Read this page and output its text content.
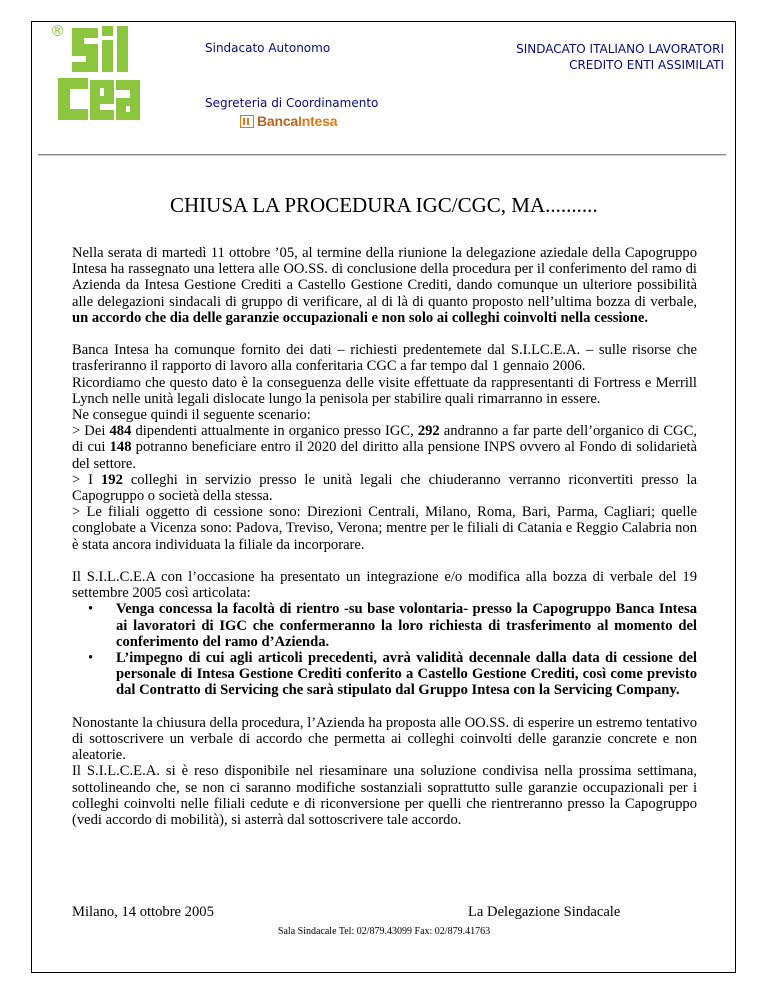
®
Sindacato Autonomo	SINDACATO ITALIANO LAVORATORI
CREDITO ENTI ASSIMILATI
Segreteria di Coordinamento
BancaIntesa
CHIUSA LA PROCEDURA IGC/CGC, MA..........

Nella serata di martedì 11 ottobre ’05, al termine della riunione la delegazione aziedale della Capogruppo Intesa ha rassegnato una lettera alle OO.SS. di conclusione della procedura per il conferimento del ramo di Azienda da Intesa Gestione Crediti a Castello Gestione Crediti, dando comunque un ulteriore possibilità alle delegazioni sindacali di gruppo di verificare, al di là di quanto proposto nell’ultima bozza di verbale, un accordo che dia delle garanzie occupazionali e non solo ai colleghi coinvolti nella cessione.

Banca Intesa ha comunque fornito dei dati – richiesti predentemete dal S.I.LC.E.A. – sulle risorse che trasferiranno il rapporto di lavoro alla conferitaria CGC a far tempo dal 1 gennaio 2006.

Ricordiamo che questo dato è la conseguenza delle visite effettuate da rappresentanti di Fortress e Merrill Lynch nelle unità legali dislocate lungo la penisola per stabilire quali rimarranno in essere.

Ne consegue quindi il seguente scenario:

> Dei 484 dipendenti attualmente in organico presso IGC, 292 andranno a far parte dell’organico di CGC, di cui 148 potranno beneficiare entro il 2020 del diritto alla pensione INPS ovvero al Fondo di solidarietà del settore.

> I 192 colleghi in servizio presso le unità legali che chiuderanno verranno riconvertiti presso la Capogruppo o società della stessa.

> Le filiali oggetto di cessione sono: Direzioni Centrali, Milano, Roma, Bari, Parma, Cagliari; quelle conglobate a Vicenza sono: Padova, Treviso, Verona; mentre per le filiali di Catania e Reggio Calabria non è stata ancora individuata la filiale da incorporare.

Il S.I.L.C.E.A con l’occasione ha presentato un integrazione e/o modifica alla bozza di verbale del 19 settembre 2005 così articolata:

• Venga concessa la facoltà di rientro -su base volontaria- presso la Capogruppo Banca Intesa ai lavoratori di IGC che confermeranno la loro richiesta di trasferimento al momento del conferimento del ramo d’Azienda.
• L’impegno di cui agli articoli precedenti, avrà validità decennale dalla data di cessione del personale di Intesa Gestione Crediti conferito a Castello Gestione Crediti, così come previsto dal Contratto di Servicing che sarà stipulato dal Gruppo Intesa con la Servicing Company.

Nonostante la chiusura della procedura, l’Azienda ha proposta alle OO.SS. di esperire un estremo tentativo di sottoscrivere un verbale di accordo che permetta ai colleghi coinvolti delle garanzie concrete e non aleatorie.

Il S.I.L.C.E.A. si è reso disponibile nel riesaminare una soluzione condivisa nella prossima settimana, sottolineando che, se non ci saranno modifiche sostanziali soprattutto sulle garanzie occupazionali per i colleghi coinvolti nelle filiali cedute e di riconversione per quelli che rientreranno presso la Capogruppo (vedi accordo di mobilità), si asterrà dal sottoscrivere tale accordo.

Milano, 14 ottobre 2005	La Delegazione Sindacale
Sala Sindacale Tel: 02/879.43099 Fax: 02/879.41763
